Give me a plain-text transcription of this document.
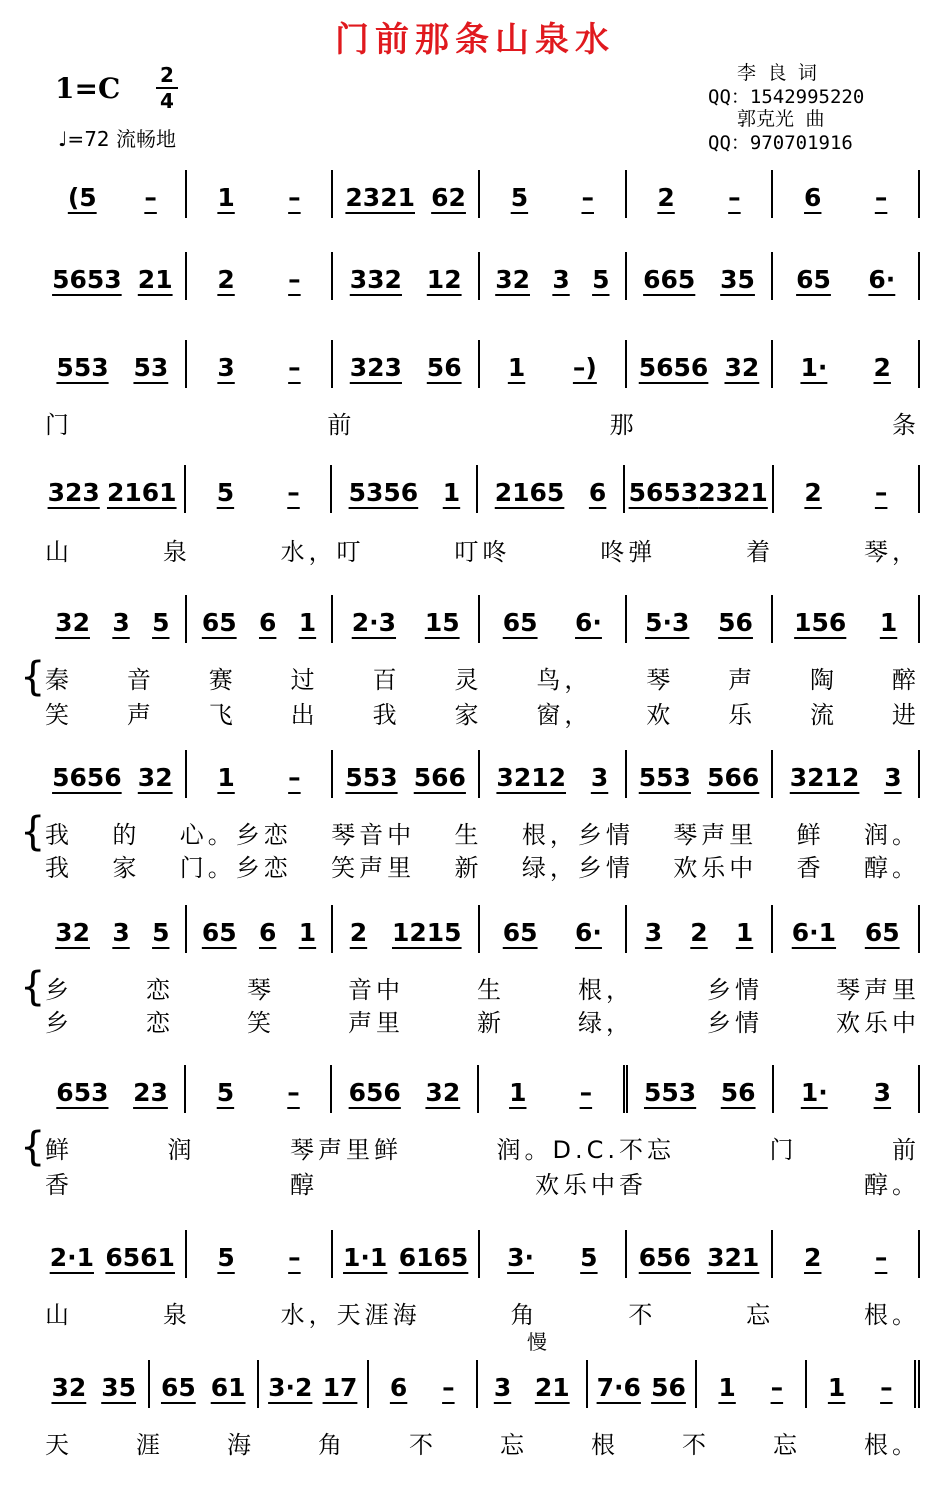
门前那条山泉水
1=C 2
4
♩=72 流畅地
李 良 词
QQ：1542995220
郭克光 曲
QQ：970701916
(5 – 1 – 2321 62 5 –	2 –	6 –
5653 21 2 – 332 12 32 3 5 665 35 65 6·
553 53 3 – 323 56 1 –) 5656 32 1· 2
门	前	那	条
323 2161 5 – 5356 1 2165 6 5653 2321 2 –
山	泉	水，叮	叮咚	咚弹	着	琴，
32 3 5 65 6 1 2·3 15 65 6· 5·3 56 156 1
秦 音 赛 过 百 灵 鸟， 琴 声 陶 醉
笑 声 飞 出 我 家 窗， 欢 乐 流 进
{
5656 32 1 – 553 566 3212 3 553 566 3212 3
我 的 心。乡恋 琴音中 生 根，乡情 琴声里 鲜 润。
我 家 门。乡恋 笑声里 新 绿，乡情 欢乐中 香 醇。
{
32 3 5 65 6 1 2 1215 65 6· 3 2 1 6·1 65
乡	恋	琴	音中	生	根，	乡情	琴声里
乡	恋	笑	声里	新	绿，	乡情	欢乐中
{
653 23 5 – 656 32 1 – 553 56 1· 3
鲜	润	琴声里鲜	润。D.C.不忘	门	前
香	醇	欢乐中香	醇。
{
2·1 6561 5 – 1·1 6165 3· 5 656 321 2 –
山	泉	水，天涯海	角	不	忘	根。
32 35 65 61 3·2 17 6 – 3 21 7·6 56 1 – 1 –
天	涯	海	角	不	忘	根	不	忘	根。
慢
